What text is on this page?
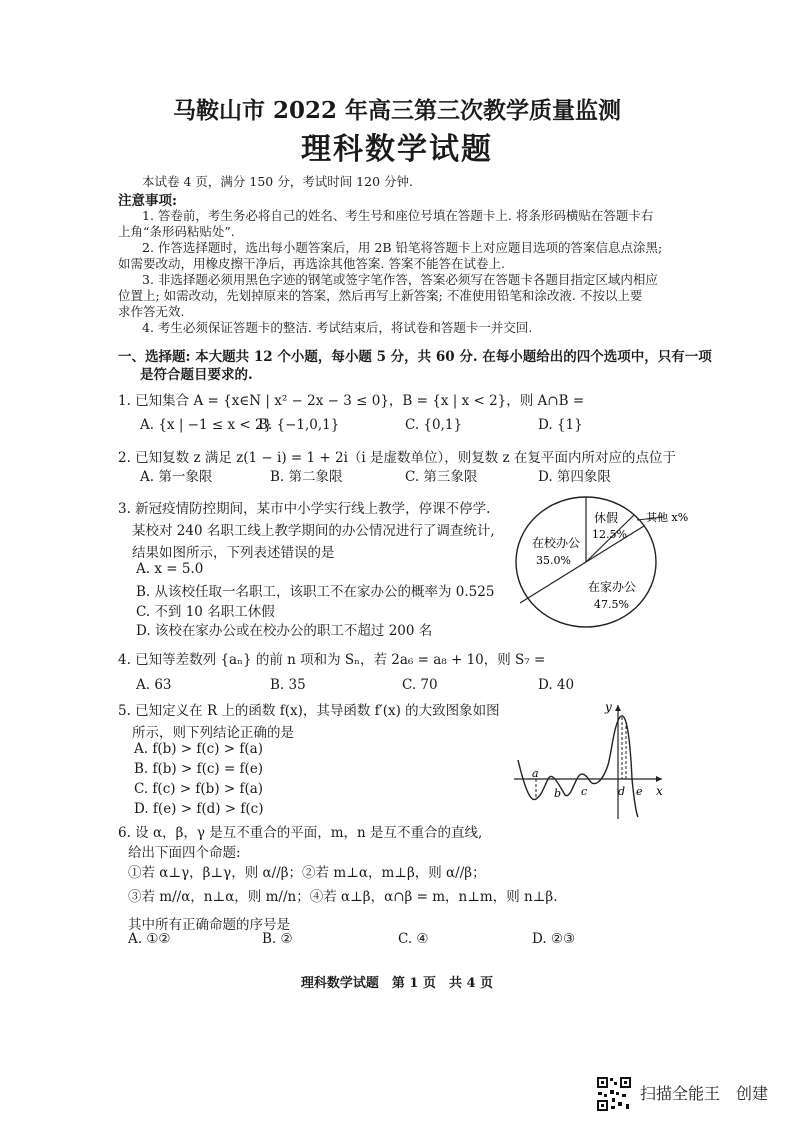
马鞍山市 2022 年高三第三次教学质量监测
理科数学试题
本试卷 4 页，满分 150 分，考试时间 120 分钟.
注意事项:
1. 答卷前，考生务必将自己的姓名、考生号和座位号填在答题卡上. 将条形码横贴在答题卡右
上角“条形码粘贴处”.
2. 作答选择题时，选出每小题答案后，用 2B 铅笔将答题卡上对应题目选项的答案信息点涂黑;
如需要改动，用橡皮擦干净后，再选涂其他答案. 答案不能答在试卷上.
3. 非选择题必须用黑色字迹的钢笔或签字笔作答，答案必须写在答题卡各题目指定区域内相应
位置上; 如需改动，先划掉原来的答案，然后再写上新答案; 不准使用铅笔和涂改液. 不按以上要
求作答无效.
4. 考生必须保证答题卡的整洁. 考试结束后，将试卷和答题卡一并交回.
一、选择题: 本大题共 12 个小题，每小题 5 分，共 60 分. 在每小题给出的四个选项中，只有一项
是符合题目要求的.
1. 已知集合 A = {x∈N | x² − 2x − 3 ≤ 0}，B = {x | x < 2}，则 A∩B =
A. {x | −1 ≤ x < 2}
B. {−1,0,1}	C. {0,1}	D. {1}
2. 已知复数 z 满足 z(1 − i) = 1 + 2i（i 是虚数单位），则复数 z 在复平面内所对应的点位于
A. 第一象限	B. 第二象限	C. 第三象限	D. 第四象限
3. 新冠疫情防控期间，某市中小学实行线上教学，停课不停学.
某校对 240 名职工线上教学期间的办公情况进行了调查统计,
结果如图所示，下列表述错误的是
A. x = 5.0
B. 从该校任取一名职工，该职工不在家办公的概率为 0.525
C. 不到 10 名职工休假
D. 该校在家办公或在校办公的职工不超过 200 名
休假
12.5%
其他 x%
在校办公
35.0%
在家办公
47.5%
4. 已知等差数列 {aₙ} 的前 n 项和为 Sₙ，若 2a₆ = a₈ + 10，则 S₇ =
A. 63	B. 35	C. 70	D. 40
5. 已知定义在 R 上的函数 f(x)，其导函数 f′(x) 的大致图象如图
所示，则下列结论正确的是
A. f(b) > f(c) > f(a)
B. f(b) > f(c) = f(e)
C. f(c) > f(b) > f(a)
D. f(e) > f(d) > f(c)
y
x
a
b c	d e
6. 设 α，β，γ 是互不重合的平面，m，n 是互不重合的直线,
给出下面四个命题:
①若 α⊥γ，β⊥γ，则 α//β；②若 m⊥α，m⊥β，则 α//β；
③若 m//α，n⊥α，则 m//n；④若 α⊥β，α∩β = m，n⊥m，则 n⊥β.
其中所有正确命题的序号是
A. ①②	B. ②	C. ④	D. ②③
理科数学试题　第 1 页　共 4 页
扫描全能王　创建
